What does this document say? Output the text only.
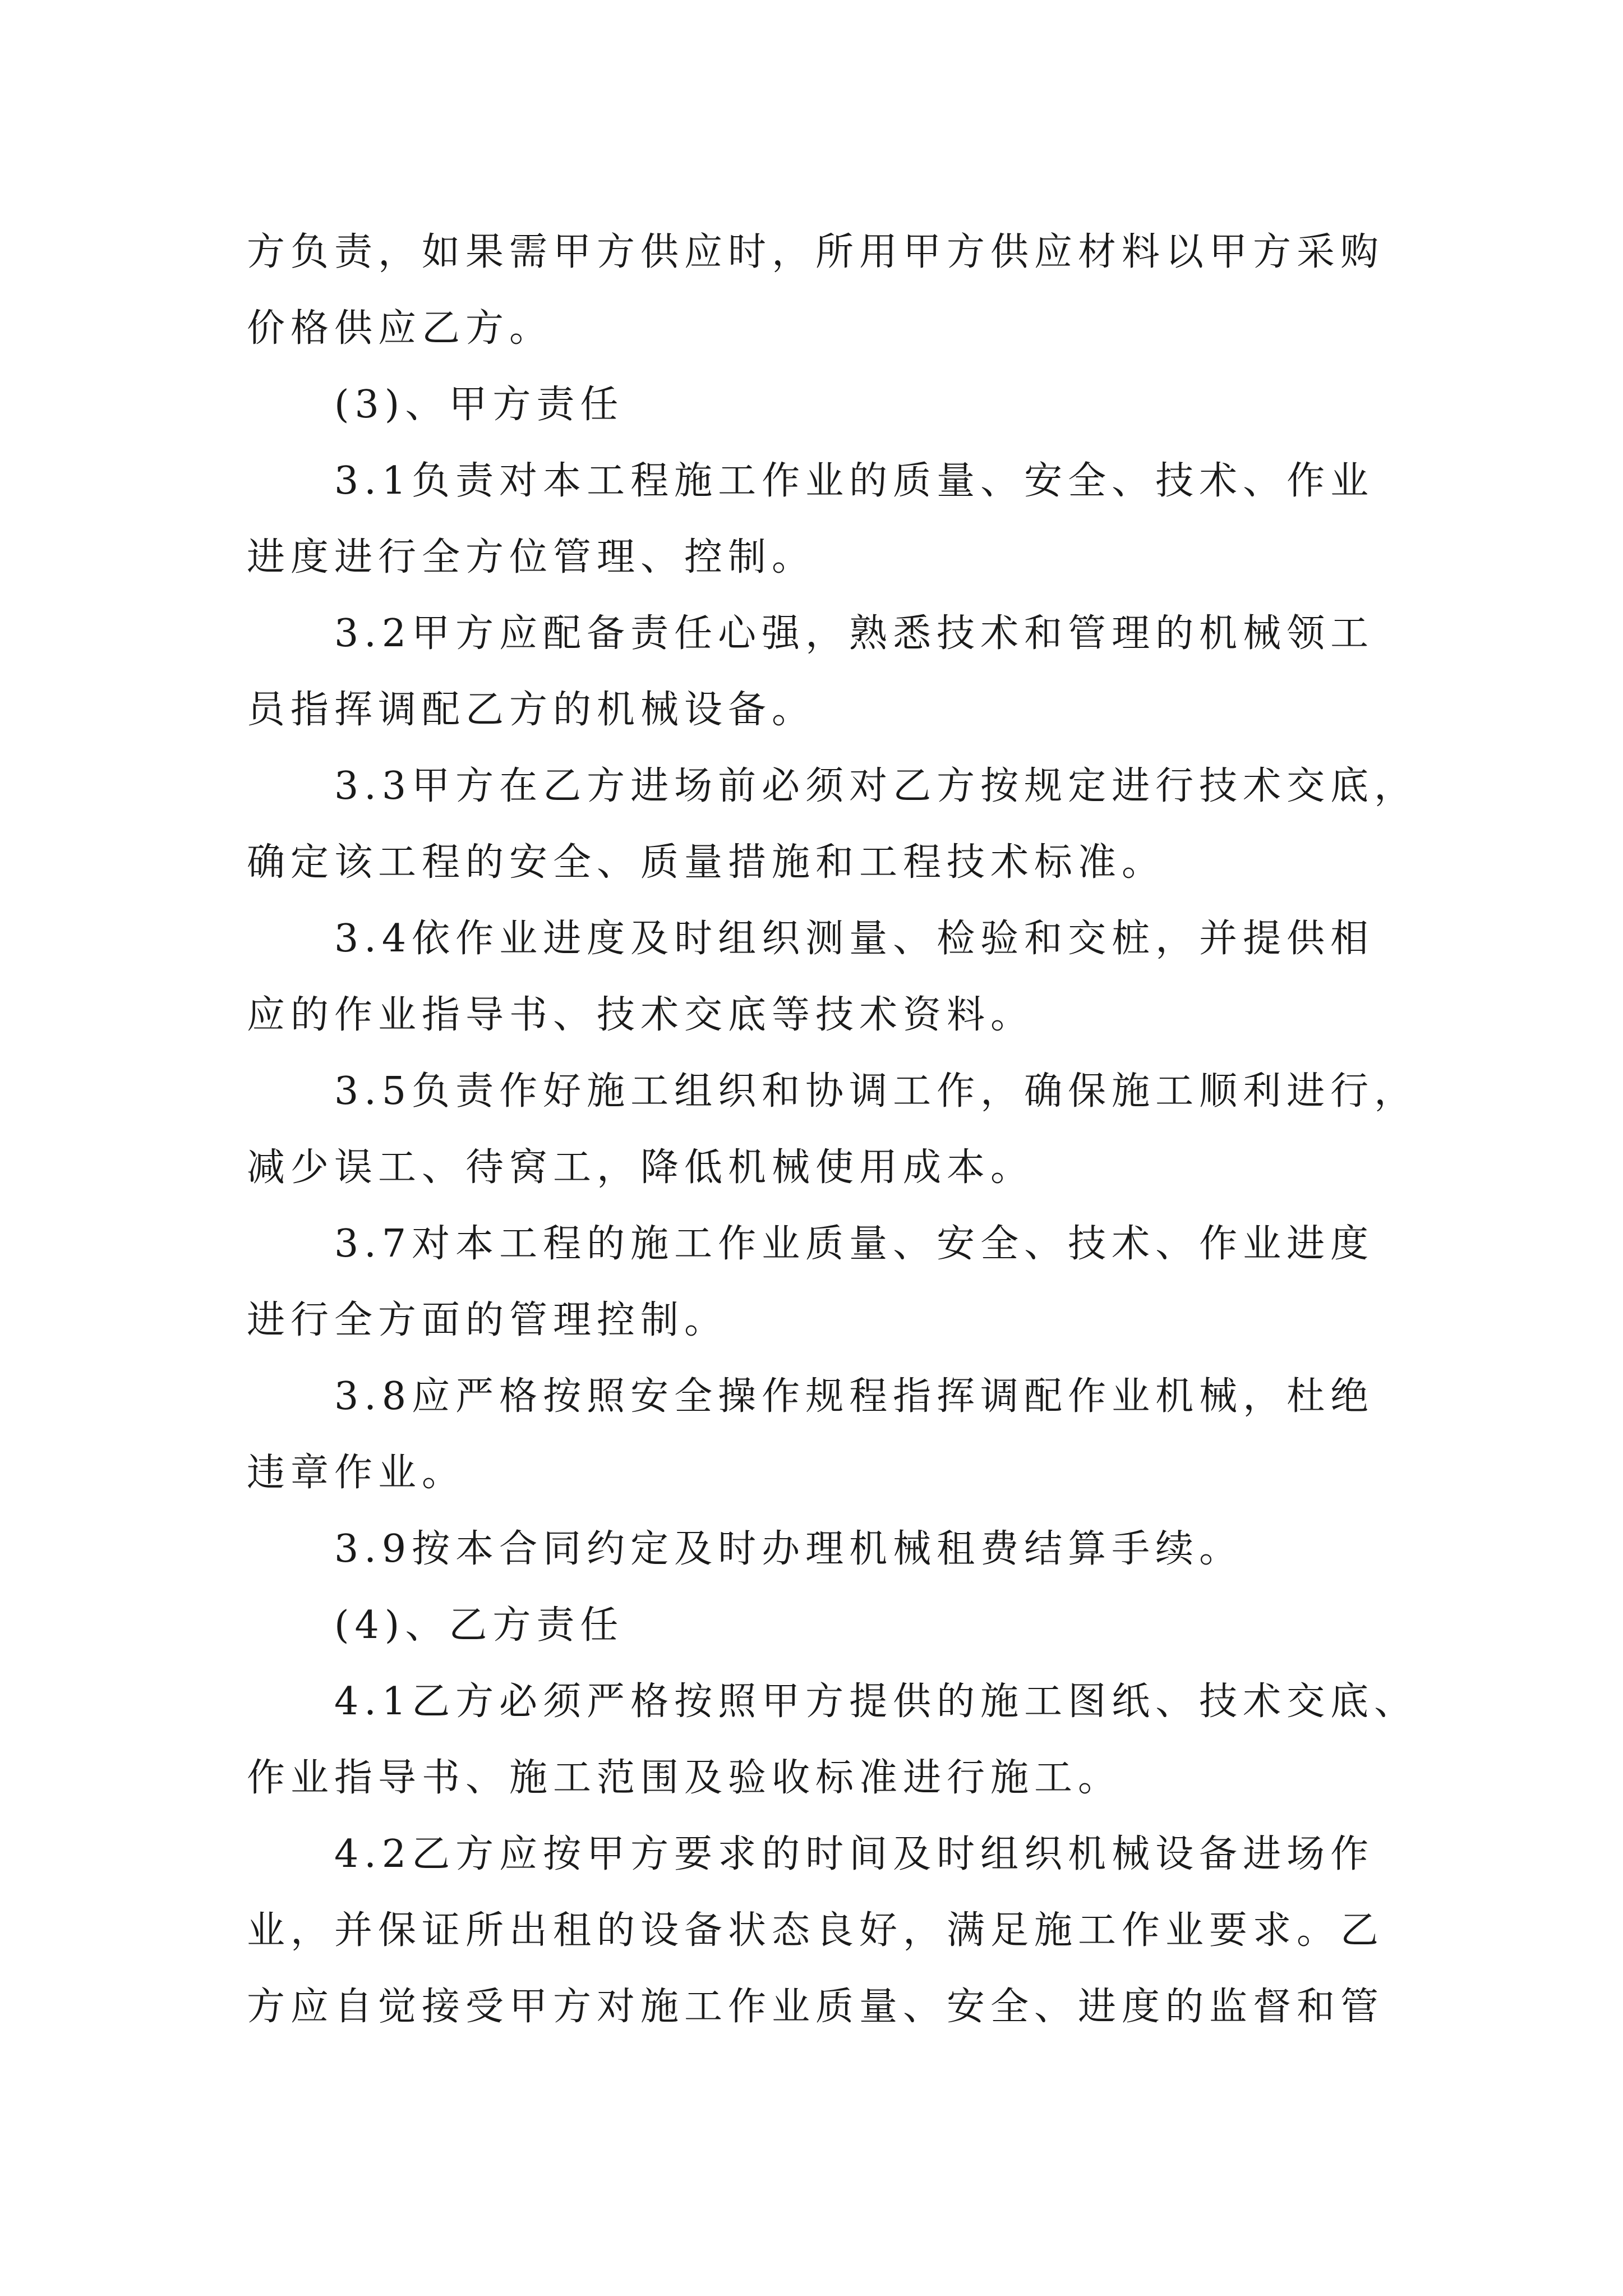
方负责，如果需甲方供应时，所用甲方供应材料以甲方采购
价格供应乙方。

(3)、甲方责任

3.1负责对本工程施工作业的质量、安全、技术、作业
进度进行全方位管理、控制。

3.2甲方应配备责任心强，熟悉技术和管理的机械领工
员指挥调配乙方的机械设备。

3.3甲方在乙方进场前必须对乙方按规定进行技术交底，
确定该工程的安全、质量措施和工程技术标准。

3.4依作业进度及时组织测量、检验和交桩，并提供相
应的作业指导书、技术交底等技术资料。

3.5负责作好施工组织和协调工作，确保施工顺利进行，
减少误工、待窝工，降低机械使用成本。

3.7对本工程的施工作业质量、安全、技术、作业进度
进行全方面的管理控制。

3.8应严格按照安全操作规程指挥调配作业机械，杜绝
违章作业。

3.9按本合同约定及时办理机械租费结算手续。

(4)、乙方责任

4.1乙方必须严格按照甲方提供的施工图纸、技术交底、
作业指导书、施工范围及验收标准进行施工。

4.2乙方应按甲方要求的时间及时组织机械设备进场作
业，并保证所出租的设备状态良好，满足施工作业要求。乙
方应自觉接受甲方对施工作业质量、安全、进度的监督和管
